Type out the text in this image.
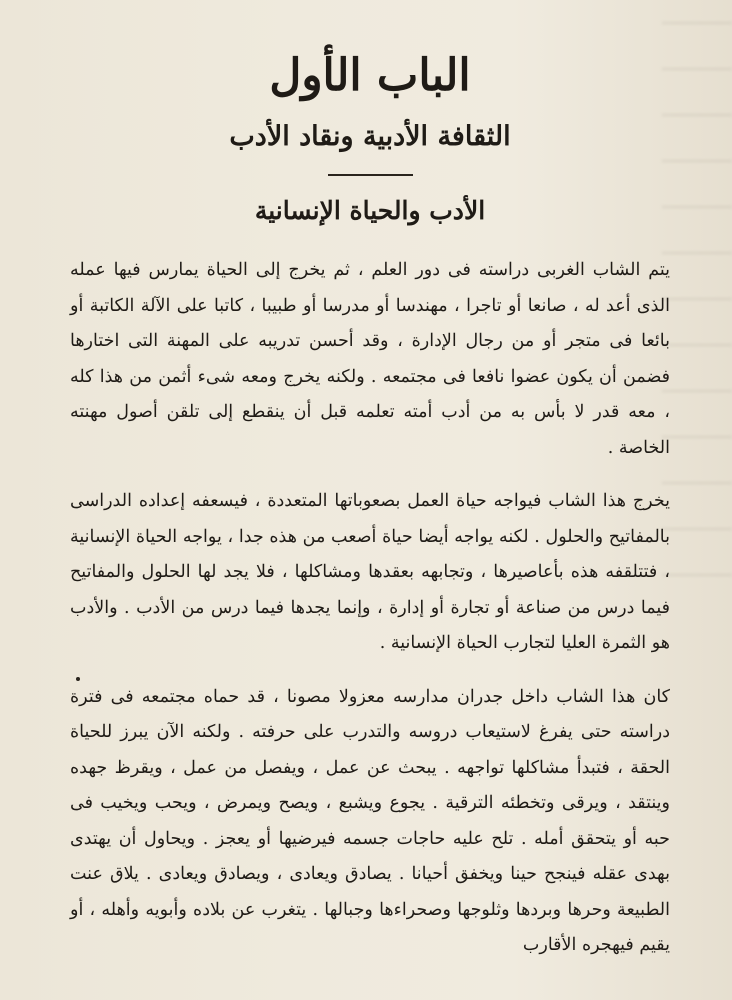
الباب الأول
الثقافة الأدبية ونقاد الأدب
الأدب والحياة الإنسانية

يتم الشاب الغربى دراسته فى دور العلم ، ثم يخرج إلى الحياة يمارس فيها عمله الذى أعد له ، صانعا أو تاجرا ، مهندسا أو مدرسا أو طبيبا ، كاتبا على الآلة الكاتبة أو بائعا فى متجر أو من رجال الإدارة ، وقد أحسن تدريبه على المهنة التى اختارها فضمن أن يكون عضوا نافعا فى مجتمعه . ولكنه يخرج ومعه شىء أثمن من هذا كله ، معه قدر لا بأس به من أدب أمته تعلمه قبل أن ينقطع إلى تلقن أصول مهنته الخاصة .

يخرج هذا الشاب فيواجه حياة العمل بصعوباتها المتعددة ، فيسعفه إعداده الدراسى بالمفاتيح والحلول . لكنه يواجه أيضا حياة أصعب من هذه جدا ، يواجه الحياة الإنسانية ، فتتلقفه هذه بأعاصيرها ، وتجابهه بعقدها ومشاكلها ، فلا يجد لها الحلول والمفاتيح فيما درس من صناعة أو تجارة أو إدارة ، وإنما يجدها فيما درس من الأدب . والأدب هو الثمرة العليا لتجارب الحياة الإنسانية .

كان هذا الشاب داخل جدران مدارسه معزولا مصونا ، قد حماه مجتمعه فى فترة دراسته حتى يفرغ لاستيعاب دروسه والتدرب على حرفته . ولكنه الآن يبرز للحياة الحقة ، فتبدأ مشاكلها تواجهه . يبحث عن عمل ، ويفصل من عمل ، ويقرظ جهده وينتقد ، ويرقى وتخطئه الترقية . يجوع ويشبع ، ويصح ويمرض ، ويحب ويخيب فى حبه أو يتحقق أمله . تلح عليه حاجات جسمه فيرضيها أو يعجز . ويحاول أن يهتدى بهدى عقله فينجح حينا ويخفق أحيانا . يصادق ويعادى ، ويصادق ويعادى . يلاق عنت الطبيعة وحرها وبردها وثلوجها وصحراءها وجبالها . يتغرب عن بلاده وأبويه وأهله ، أو يقيم فيهجره الأقارب
